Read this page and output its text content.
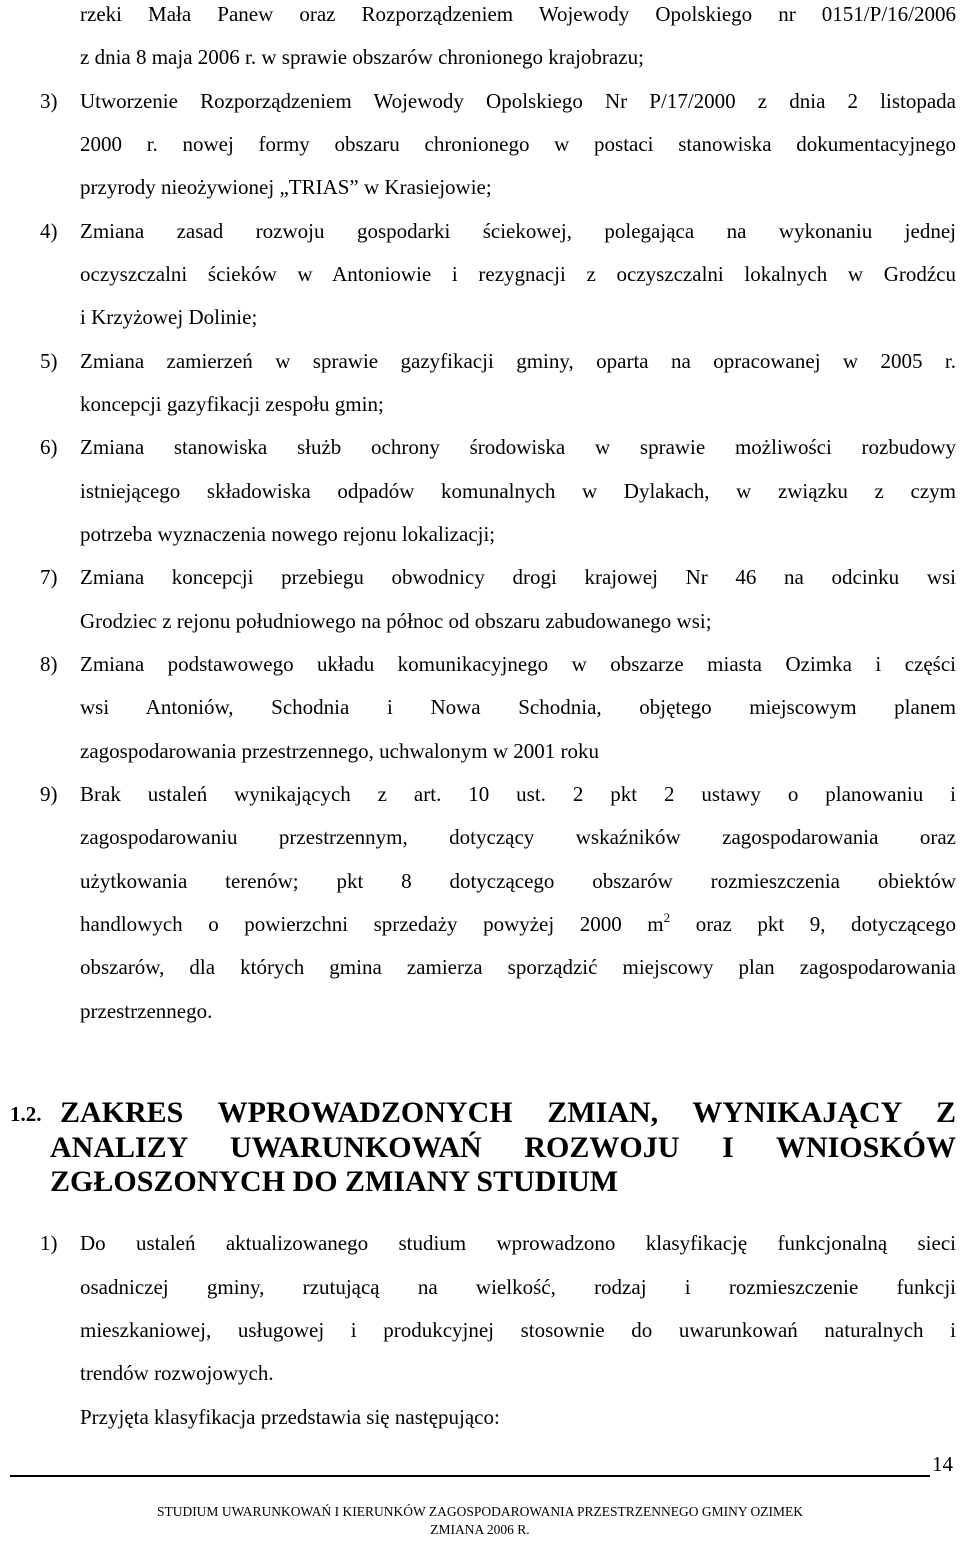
rzeki Mała Panew oraz Rozporządzeniem Wojewody Opolskiego nr 0151/P/16/2006
z dnia 8 maja 2006 r. w sprawie obszarów chronionego krajobrazu;
3) Utworzenie Rozporządzeniem Wojewody Opolskiego Nr P/17/2000 z dnia 2 listopada
2000 r. nowej formy obszaru chronionego w postaci stanowiska dokumentacyjnego
przyrody nieożywionej „TRIAS” w Krasiejowie;
4) Zmiana zasad rozwoju gospodarki ściekowej, polegająca na wykonaniu jednej
oczyszczalni ścieków w Antoniowie i rezygnacji z oczyszczalni lokalnych w Grodźcu
i Krzyżowej Dolinie;
5) Zmiana zamierzeń w sprawie gazyfikacji gminy, oparta na opracowanej w 2005 r.
koncepcji gazyfikacji zespołu gmin;
6) Zmiana stanowiska służb ochrony środowiska w sprawie możliwości rozbudowy
istniejącego składowiska odpadów komunalnych w Dylakach, w związku z czym
potrzeba wyznaczenia nowego rejonu lokalizacji;
7) Zmiana koncepcji przebiegu obwodnicy drogi krajowej Nr 46 na odcinku wsi
Grodziec z rejonu południowego na północ od obszaru zabudowanego wsi;
8) Zmiana podstawowego układu komunikacyjnego w obszarze miasta Ozimka i części
wsi Antoniów, Schodnia i Nowa Schodnia, objętego miejscowym planem
zagospodarowania przestrzennego, uchwalonym w 2001 roku
9) Brak ustaleń wynikających z art. 10 ust. 2 pkt 2 ustawy o planowaniu i
zagospodarowaniu przestrzennym, dotyczący wskaźników zagospodarowania oraz
użytkowania terenów; pkt 8 dotyczącego obszarów rozmieszczenia obiektów
handlowych o powierzchni sprzedaży powyżej 2000 $m^2$ oraz pkt 9, dotyczącego
obszarów, dla których gmina zamierza sporządzić miejscowy plan zagospodarowania
przestrzennego.
1.2. ZAKRES WPROWADZONYCH ZMIAN, WYNIKAJĄCY Z
ANALIZY UWARUNKOWAŃ ROZWOJU I WNIOSKÓW
ZGŁOSZONYCH DO ZMIANY STUDIUM
1) Do ustaleń aktualizowanego studium wprowadzono klasyfikację funkcjonalną sieci
osadniczej gminy, rzutującą na wielkość, rodzaj i rozmieszczenie funkcji
mieszkaniowej, usługowej i produkcyjnej stosownie do uwarunkowań naturalnych i
trendów rozwojowych.
Przyjęta klasyfikacja przedstawia się następująco:
14
STUDIUM UWARUNKOWAŃ I KIERUNKÓW ZAGOSPODAROWANIA PRZESTRZENNEGO GMINY OZIMEK
ZMIANA 2006 R.
